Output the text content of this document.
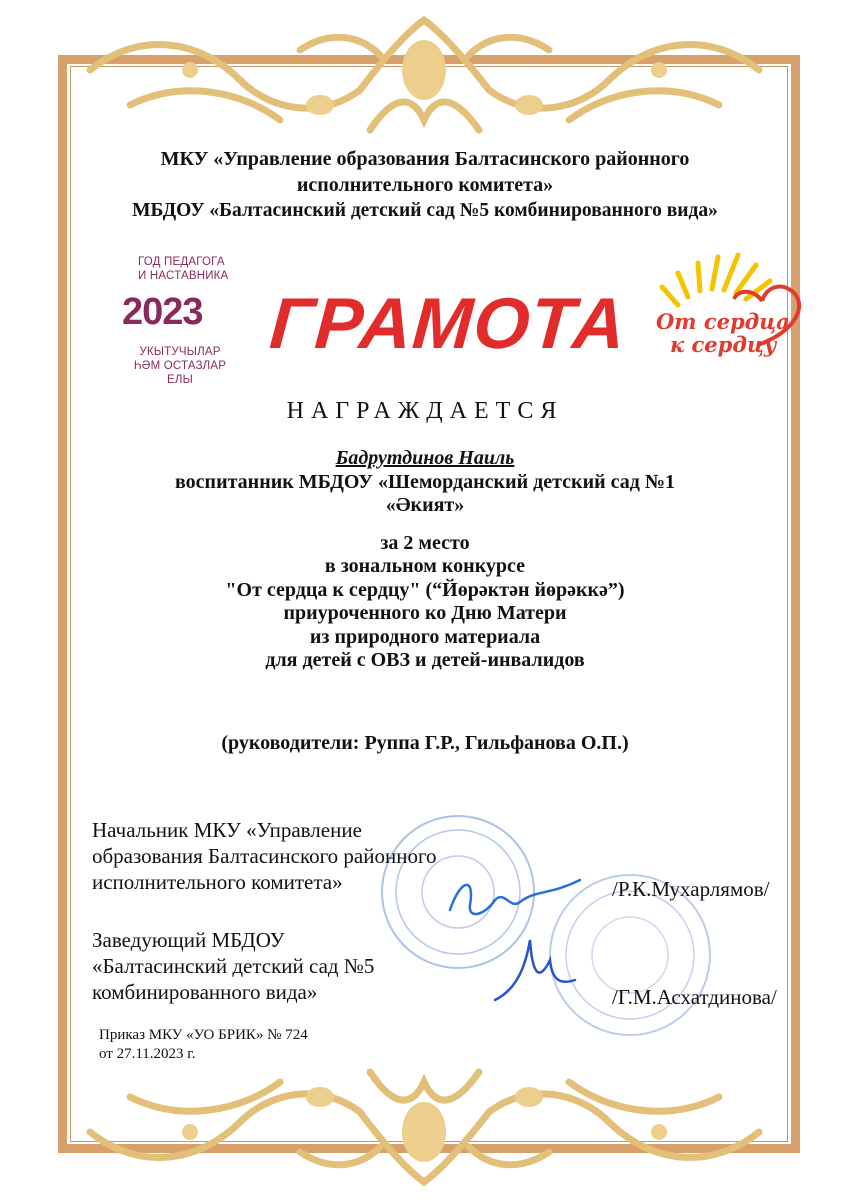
МКУ «Управление образования Балтасинского районного
исполнительного комитета»
МБДОУ «Балтасинский детский сад №5 комбинированного вида»
ГОД ПЕДАГОГА
И НАСТАВНИКА
2023
УКЫТУЧЫЛАР
ҺӘМ ОСТАЗЛАР ЕЛЫ
ГРАМОТА От сердца
к сердцу
НАГРАЖДАЕТСЯ
Бадрутдинов Наиль
воспитанник МБДОУ «Шеморданский детский сад №1
«Әкият»
за 2 место
в зональном конкурсе
"От сердца к сердцу" (“Йөрәктән йөрәккә”)
приуроченного ко Дню Матери
из природного материала
для детей с ОВЗ и детей-инвалидов
(руководители: Руппа Г.Р., Гильфанова О.П.)
Начальник МКУ «Управление
образования Балтасинского районного
исполнительного комитета»	/Р.К.Мухарлямов/
Заведующий МБДОУ
«Балтасинский детский сад №5
комбинированного вида»	/Г.М.Асхатдинова/
Приказ МКУ «УО БРИК» № 724
от 27.11.2023 г.
